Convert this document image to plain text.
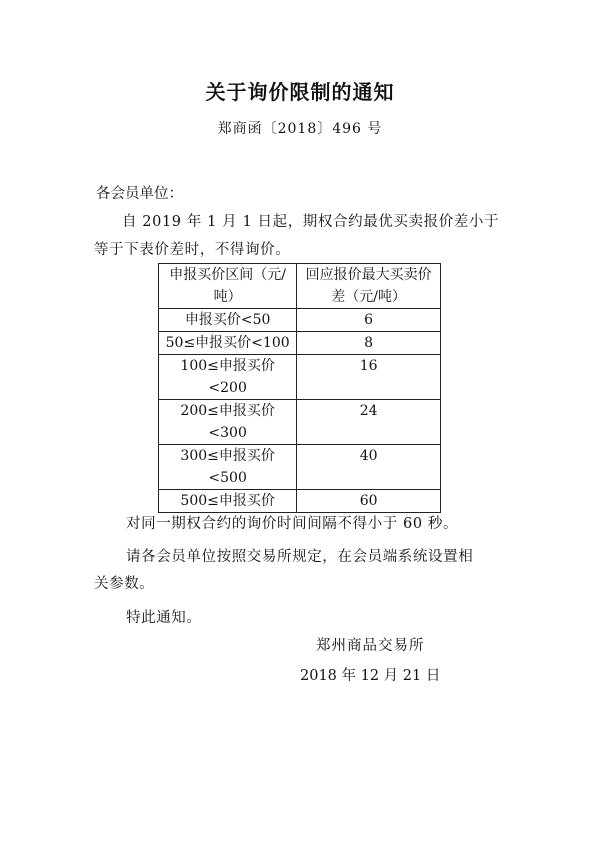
关于询价限制的通知
郑商函〔2018〕496 号
各会员单位：
自 2019 年 1 月 1 日起，期权合约最优买卖报价差小于
等于下表价差时，不得询价。
申报买价区间（元/吨）	回应报价最大买卖价差（元/吨）
申报买价<50	6
50≤申报买价<100	8
100≤申报买价<200	16
200≤申报买价<300	24
300≤申报买价<500	40
500≤申报买价	60
对同一期权合约的询价时间间隔不得小于 60 秒。
请各会员单位按照交易所规定，在会员端系统设置相
关参数。
特此通知。
郑州商品交易所
2018 年 12 月 21 日
